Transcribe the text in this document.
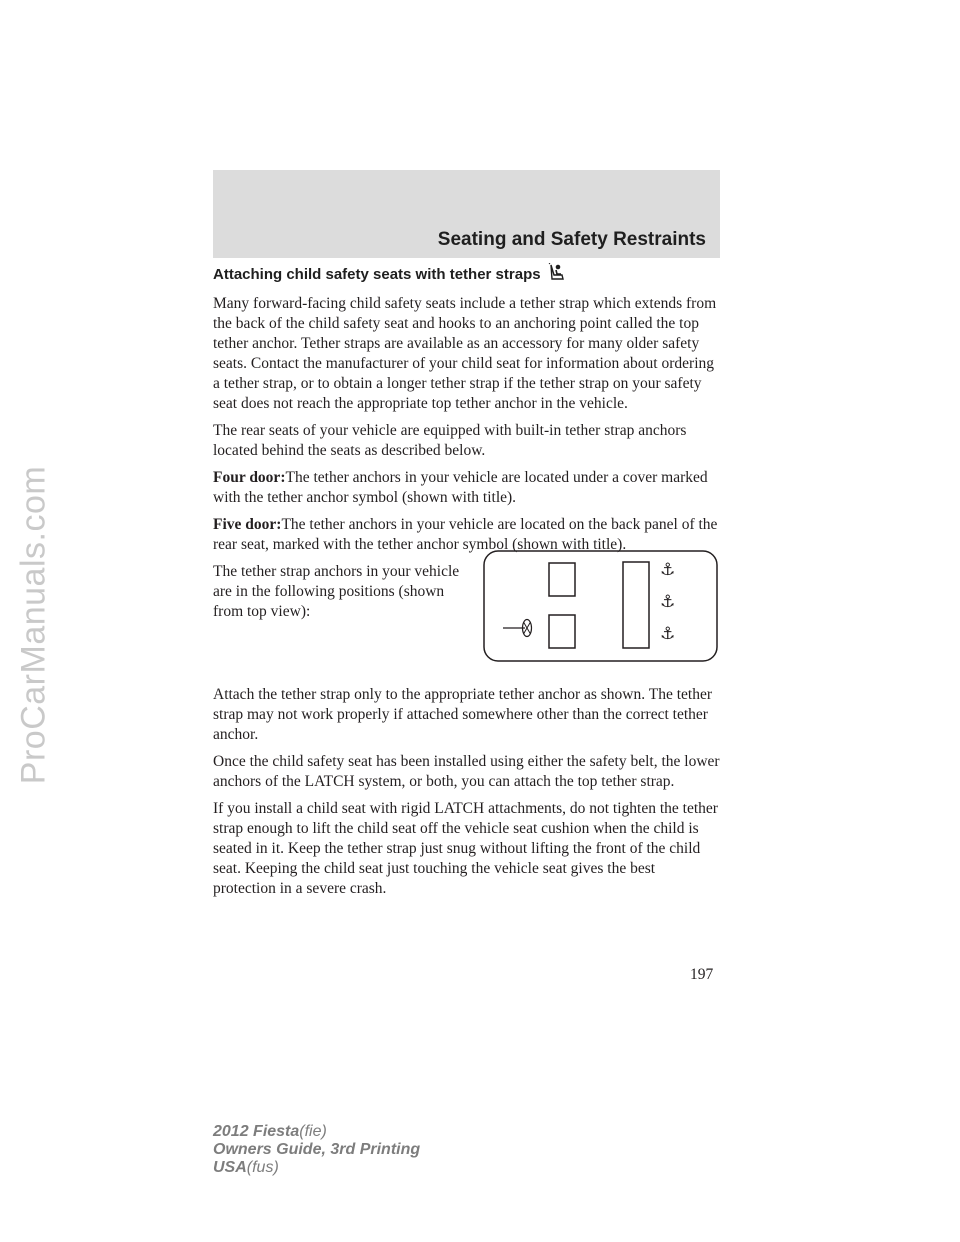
ProCarManuals.com
Seating and Safety Restraints
Attaching child safety seats with tether straps

Many forward-facing child safety seats include a tether strap which extends from the back of the child safety seat and hooks to an anchoring point called the top tether anchor. Tether straps are available as an accessory for many older safety seats. Contact the manufacturer of your child seat for information about ordering a tether strap, or to obtain a longer tether strap if the tether strap on your safety seat does not reach the appropriate top tether anchor in the vehicle.

The rear seats of your vehicle are equipped with built-in tether strap anchors located behind the seats as described below.

Four door:The tether anchors in your vehicle are located under a cover marked with the tether anchor symbol (shown with title).

Five door:The tether anchors in your vehicle are located on the back panel of the rear seat, marked with the tether anchor symbol (shown with title).

The tether strap anchors in your vehicle are in the following positions (shown from top view):

⚓
⚓
⚓

Attach the tether strap only to the appropriate tether anchor as shown. The tether strap may not work properly if attached somewhere other than the correct tether anchor.

Once the child safety seat has been installed using either the safety belt, the lower anchors of the LATCH system, or both, you can attach the top tether strap.

If you install a child seat with rigid LATCH attachments, do not tighten the tether strap enough to lift the child seat off the vehicle seat cushion when the child is seated in it. Keep the tether strap just snug without lifting the front of the child seat. Keeping the child seat just touching the vehicle seat gives the best protection in a severe crash.

197
2012 Fiesta(fie)
Owners Guide, 3rd Printing
USA(fus)
